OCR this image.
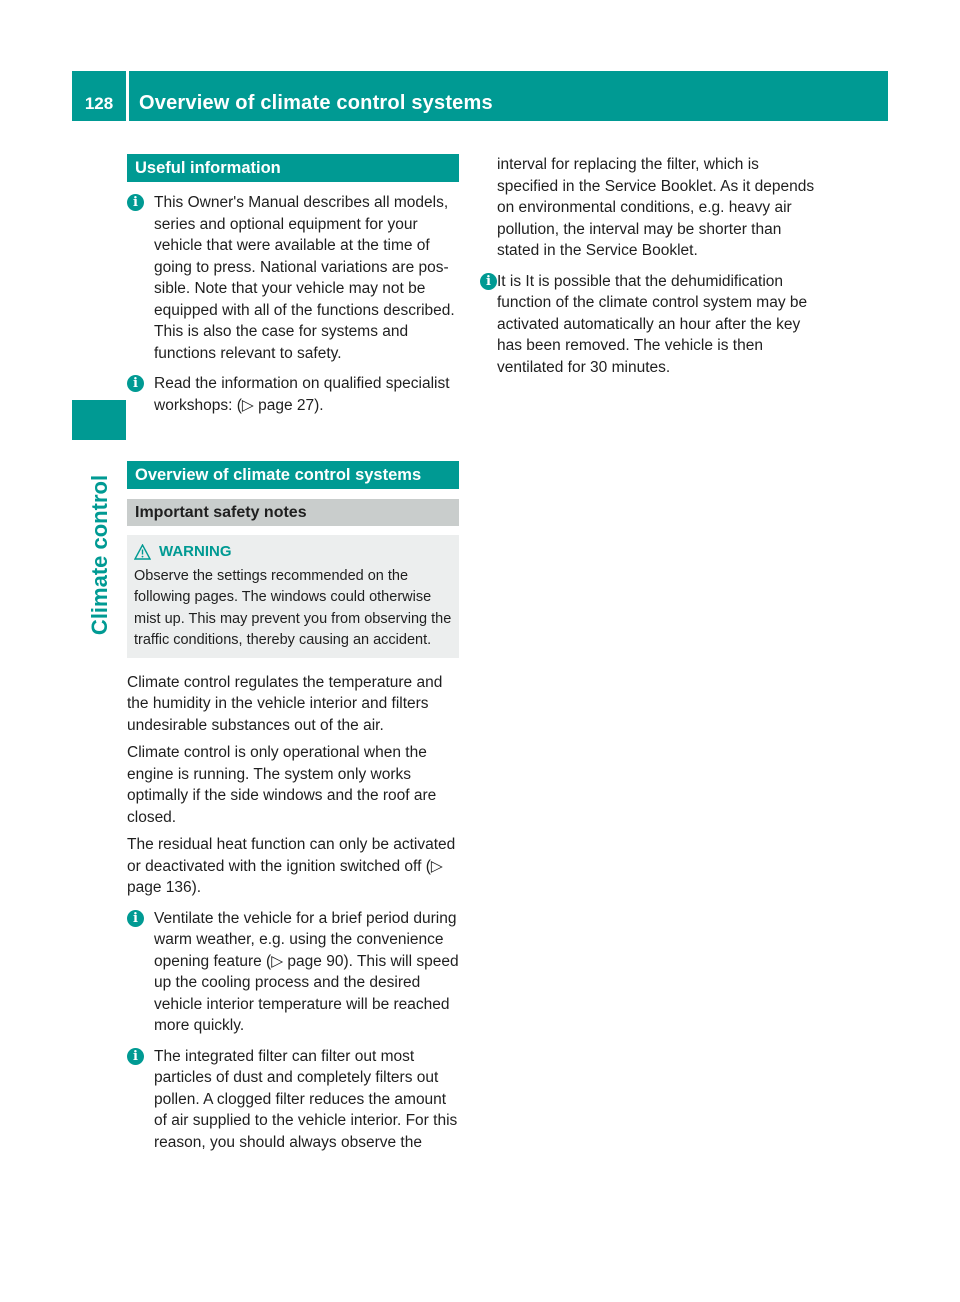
128	Overview of climate control systems
Climate control
Useful information
i	This Owner's Manual describes all models, series and optional equipment for your vehicle that were available at the time of going to press. National variations are possible. Note that your vehicle may not be equipped with all of the functions described. This is also the case for systems and functions relevant to safety.
i	Read the information on qualified specialist workshops: (▷ page 27).
Overview of climate control systems
Important safety notes
WARNING
Observe the settings recommended on the following pages. The windows could otherwise mist up. This may prevent you from observing the traffic conditions, thereby causing an accident.
Climate control regulates the temperature and the humidity in the vehicle interior and filters undesirable substances out of the air.
Climate control is only operational when the engine is running. The system only works optimally if the side windows and the roof are closed.
The residual heat function can only be activated or deactivated with the ignition switched off (▷ page 136).
i	Ventilate the vehicle for a brief period during warm weather, e.g. using the convenience opening feature (▷ page 90). This will speed up the cooling process and the desired vehicle interior temperature will be reached more quickly.
i	The integrated filter can filter out most particles of dust and completely filters out pollen. A clogged filter reduces the amount of air supplied to the vehicle interior. For this reason, you should always observe the
interval for replacing the filter, which is specified in the Service Booklet. As it depends on environmental conditions, e.g. heavy air pollution, the interval may be shorter than stated in the Service Booklet.
i It is It is possible that the dehumidification function of the climate control system may be activated automatically an hour after the key has been removed. The vehicle is then ventilated for 30 minutes.
